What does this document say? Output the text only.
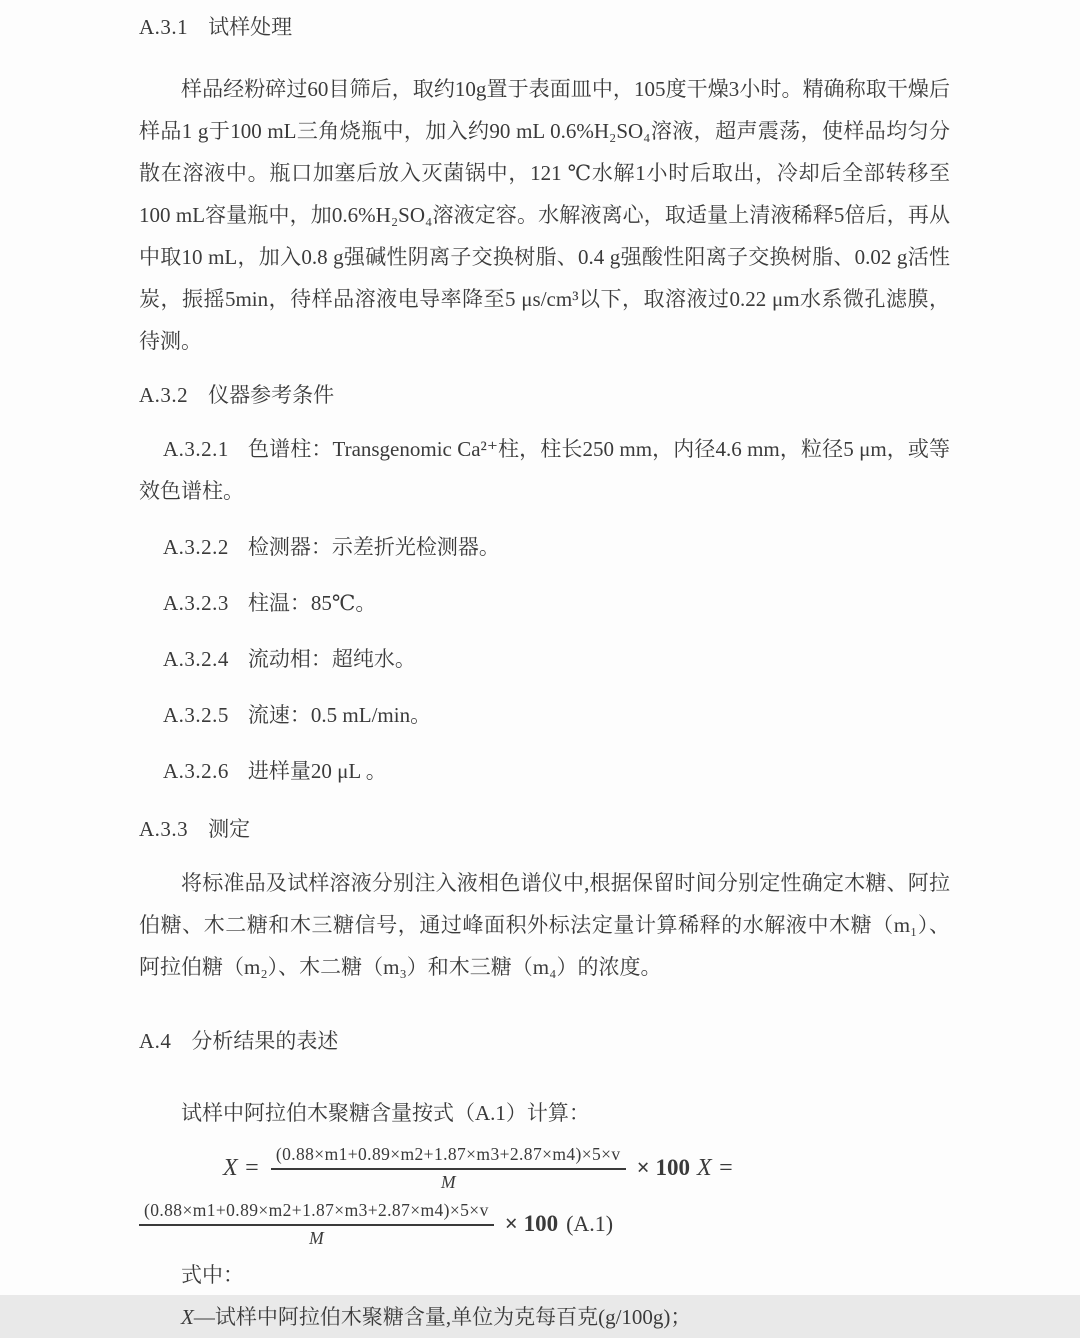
A.3.1 试样处理

样品经粉碎过60目筛后，取约10g置于表面皿中，105度干燥3小时。精确称取干燥后样品1 g于100 mL三角烧瓶中，加入约90 mL 0.6%H₂SO₄溶液，超声震荡，使样品均匀分散在溶液中。瓶口加塞后放入灭菌锅中，121 ℃水解1小时后取出，冷却后全部转移至100 mL容量瓶中，加0.6%H₂SO₄溶液定容。水解液离心，取适量上清液稀释5倍后，再从中取10 mL，加入0.8 g强碱性阴离子交换树脂、0.4 g强酸性阳离子交换树脂、0.02 g活性炭，振摇5min，待样品溶液电导率降至5 μs/cm³以下，取溶液过0.22 μm水系微孔滤膜，待测。

A.3.2 仪器参考条件

A.3.2.1 色谱柱：Transgenomic Ca²⁺柱，柱长250 mm，内径4.6 mm，粒径5 μm，或等效色谱柱。

A.3.2.2 检测器：示差折光检测器。

A.3.2.3 柱温：85℃。

A.3.2.4 流动相：超纯水。

A.3.2.5 流速：0.5 mL/min。

A.3.2.6 进样量20 μL 。

A.3.3 测定

将标准品及试样溶液分别注入液相色谱仪中,根据保留时间分别定性确定木糖、阿拉伯糖、木二糖和木三糖信号，通过峰面积外标法定量计算稀释的水解液中木糖（m₁）、阿拉伯糖（m₂）、木二糖（m₃）和木三糖（m₄）的浓度。

A.4 分析结果的表述

试样中阿拉伯木聚糖含量按式（A.1）计算：

$X = \frac{(0.88\times m1+0.89\times m2+1.87\times m3+2.87\times m4)\times 5\times v}{M} \times 100$ X =
$\frac{(0.88\times m1+0.89\times m2+1.87\times m3+2.87\times m4)\times 5\times v}{M} \times 100$ (A.1)

式中：

X—试样中阿拉伯木聚糖含量,单位为克每百克(g/100g)；
